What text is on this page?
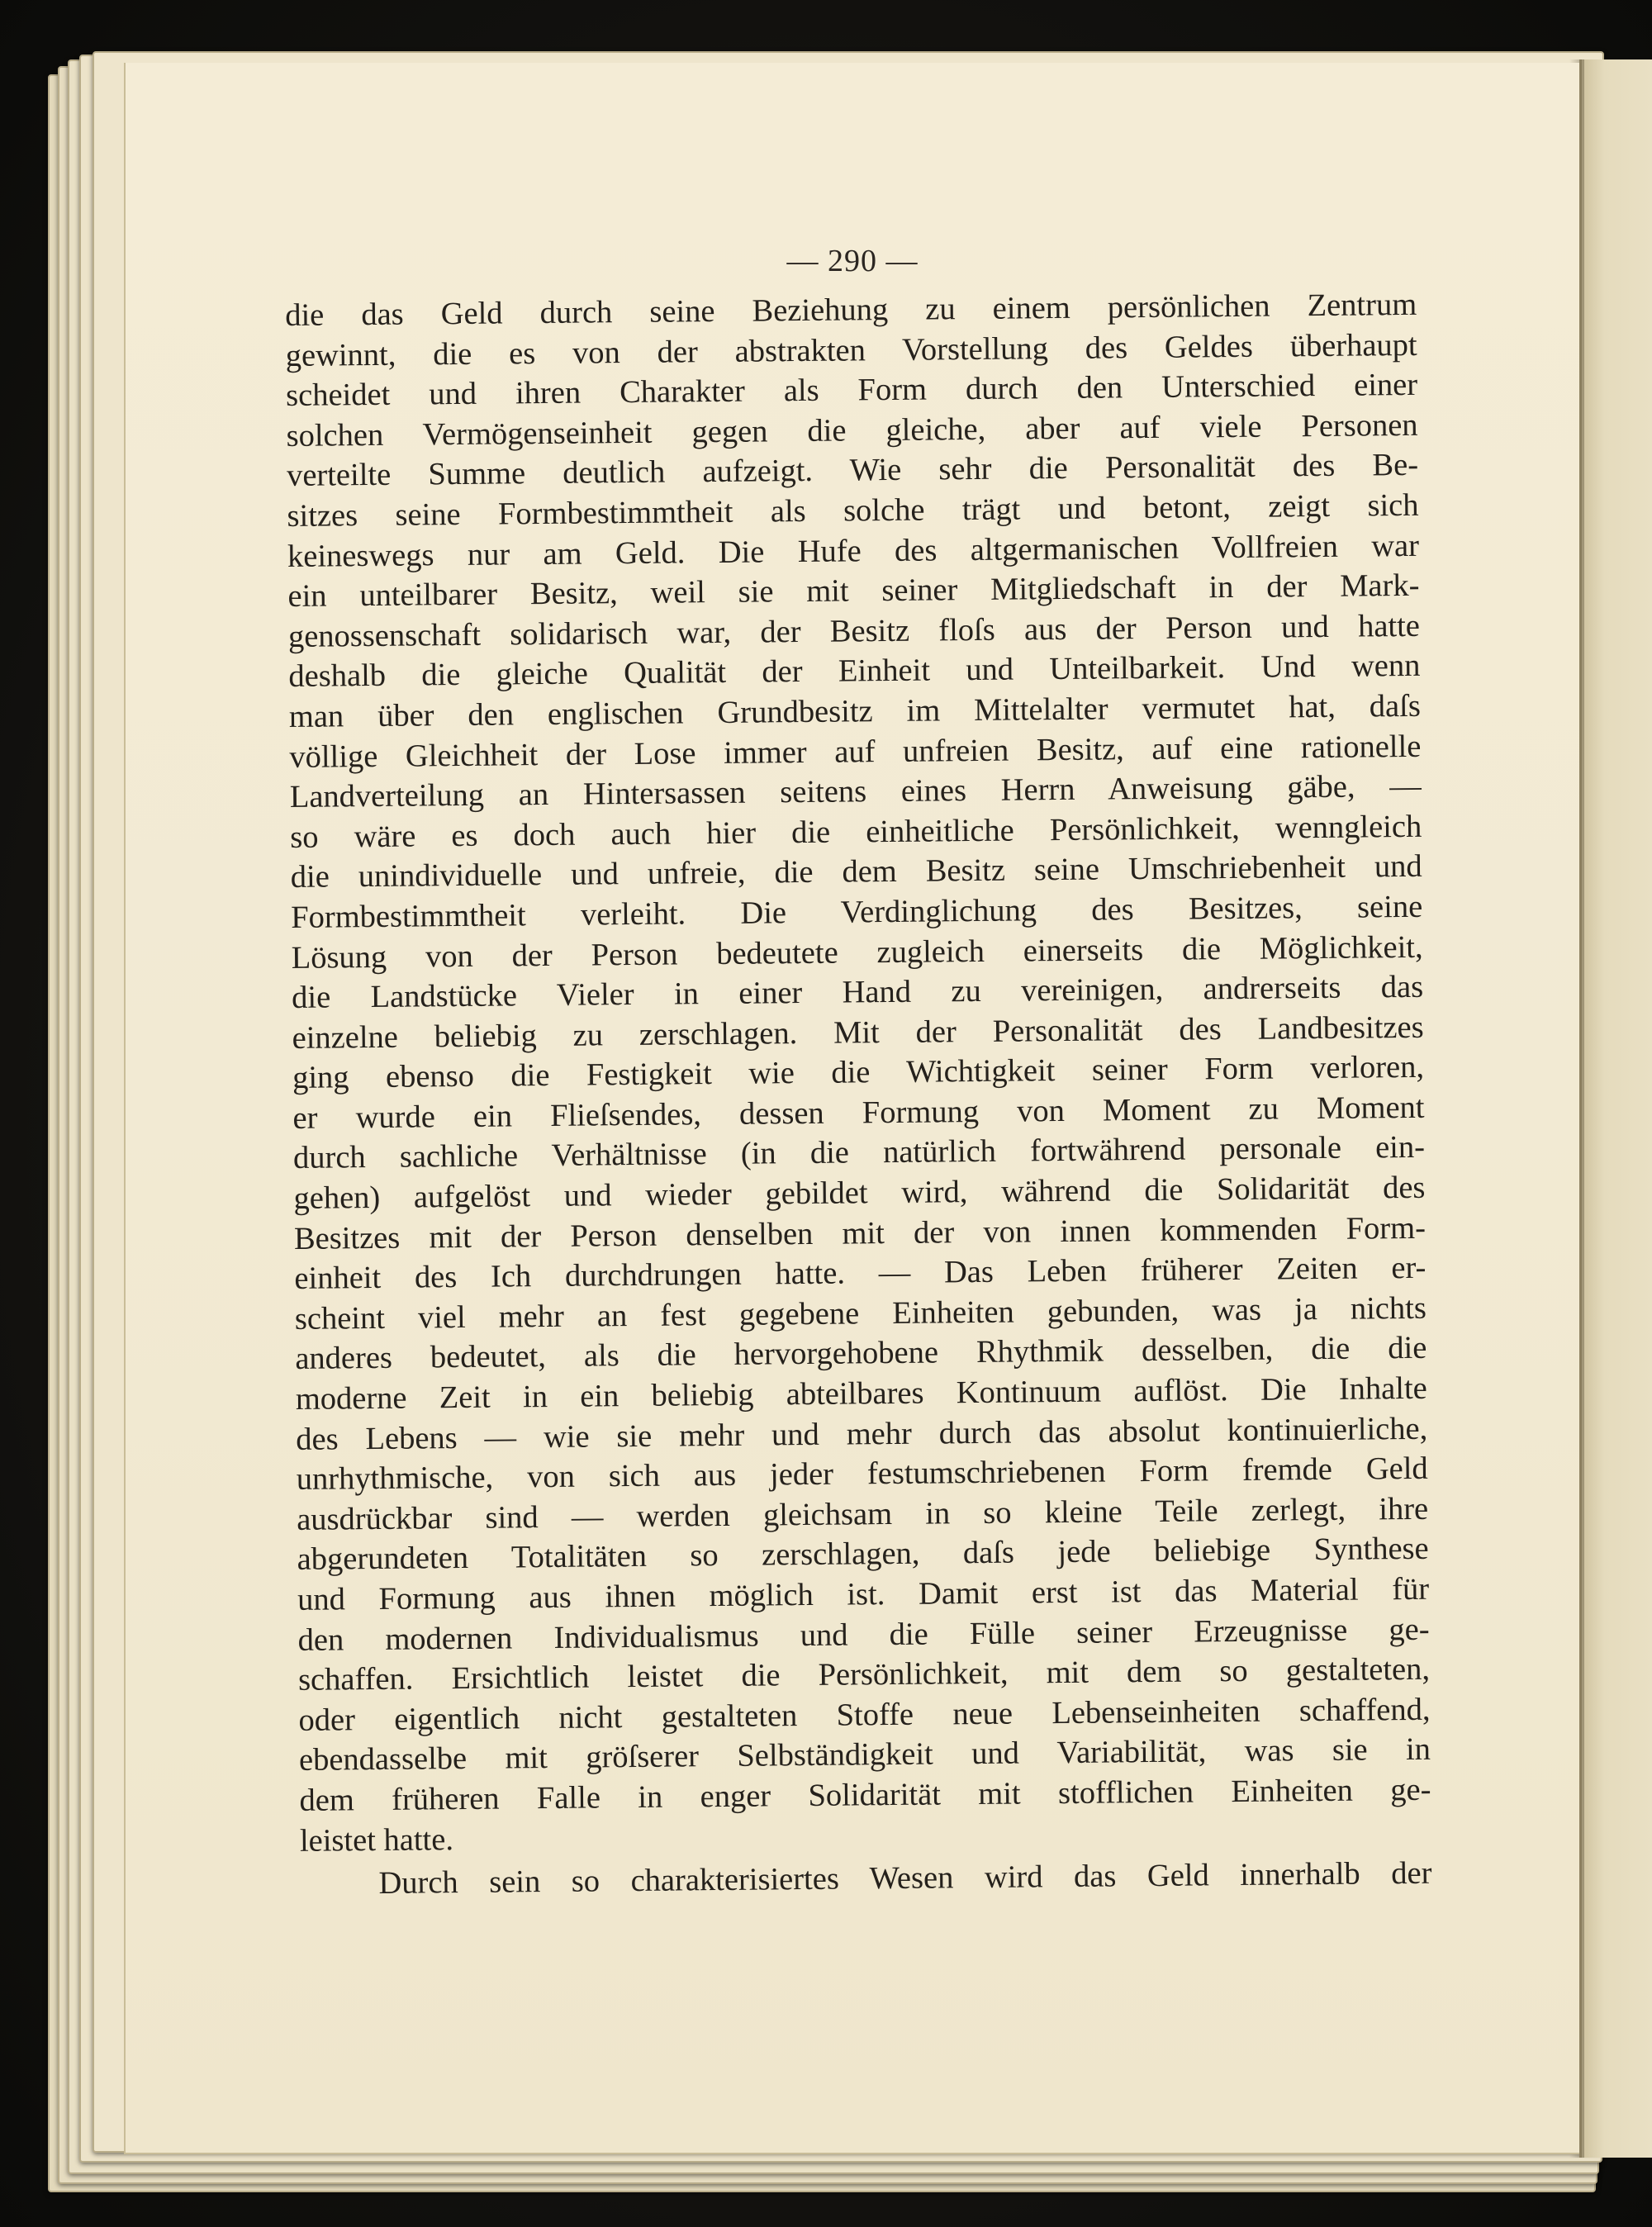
— 290 —
die das Geld durch seine Beziehung zu einem persönlichen Zentrum
gewinnt, die es von der abstrakten Vorstellung des Geldes überhaupt
scheidet und ihren Charakter als Form durch den Unterschied einer
solchen Vermögenseinheit gegen die gleiche, aber auf viele Personen
verteilte Summe deutlich aufzeigt. Wie sehr die Personalität des Be-
sitzes seine Formbestimmtheit als solche trägt und betont, zeigt sich
keineswegs nur am Geld. Die Hufe des altgermanischen Vollfreien war
ein unteilbarer Besitz, weil sie mit seiner Mitgliedschaft in der Mark-
genossenschaft solidarisch war, der Besitz floſs aus der Person und hatte
deshalb die gleiche Qualität der Einheit und Unteilbarkeit. Und wenn
man über den englischen Grundbesitz im Mittelalter vermutet hat, daſs
völlige Gleichheit der Lose immer auf unfreien Besitz, auf eine rationelle
Landverteilung an Hintersassen seitens eines Herrn Anweisung gäbe, —
so wäre es doch auch hier die einheitliche Persönlichkeit, wenngleich
die unindividuelle und unfreie, die dem Besitz seine Umschriebenheit und
Formbestimmtheit verleiht. Die Verdinglichung des Besitzes, seine
Lösung von der Person bedeutete zugleich einerseits die Möglichkeit,
die Landstücke Vieler in einer Hand zu vereinigen, andrerseits das
einzelne beliebig zu zerschlagen. Mit der Personalität des Landbesitzes
ging ebenso die Festigkeit wie die Wichtigkeit seiner Form verloren,
er wurde ein Flieſsendes, dessen Formung von Moment zu Moment
durch sachliche Verhältnisse (in die natürlich fortwährend personale ein-
gehen) aufgelöst und wieder gebildet wird, während die Solidarität des
Besitzes mit der Person denselben mit der von innen kommenden Form-
einheit des Ich durchdrungen hatte. — Das Leben früherer Zeiten er-
scheint viel mehr an fest gegebene Einheiten gebunden, was ja nichts
anderes bedeutet, als die hervorgehobene Rhythmik desselben, die die
moderne Zeit in ein beliebig abteilbares Kontinuum auflöst. Die Inhalte
des Lebens — wie sie mehr und mehr durch das absolut kontinuierliche,
unrhythmische, von sich aus jeder festumschriebenen Form fremde Geld
ausdrückbar sind — werden gleichsam in so kleine Teile zerlegt, ihre
abgerundeten Totalitäten so zerschlagen, daſs jede beliebige Synthese
und Formung aus ihnen möglich ist. Damit erst ist das Material für
den modernen Individualismus und die Fülle seiner Erzeugnisse ge-
schaffen. Ersichtlich leistet die Persönlichkeit, mit dem so gestalteten,
oder eigentlich nicht gestalteten Stoffe neue Lebenseinheiten schaffend,
ebendasselbe mit gröſserer Selbständigkeit und Variabilität, was sie in
dem früheren Falle in enger Solidarität mit stofflichen Einheiten ge-
leistet hatte.
Durch sein so charakterisiertes Wesen wird das Geld innerhalb der
